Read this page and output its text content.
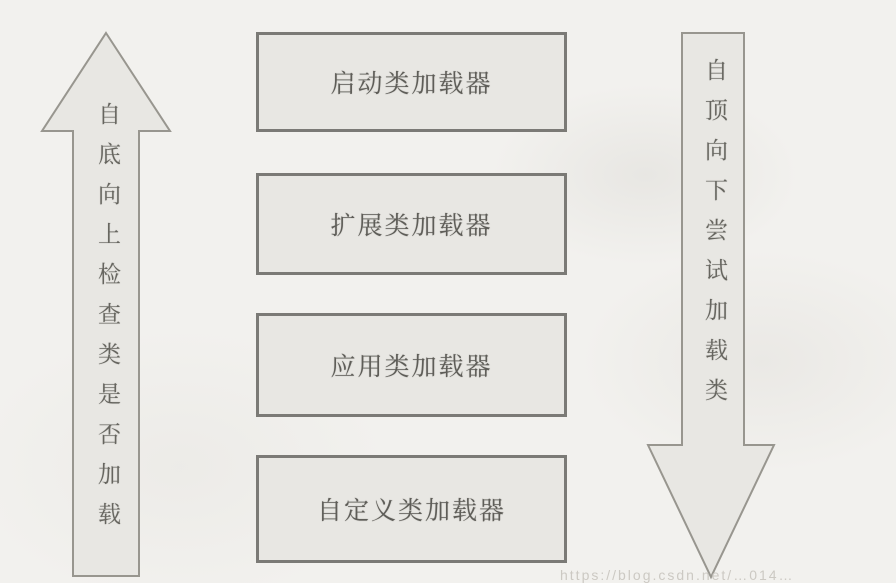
自底向上检查类是否加载	自顶向下尝试加载类
启动类加载器
扩展类加载器
应用类加载器
自定义类加载器
https://blog.csdn.net/…014…
